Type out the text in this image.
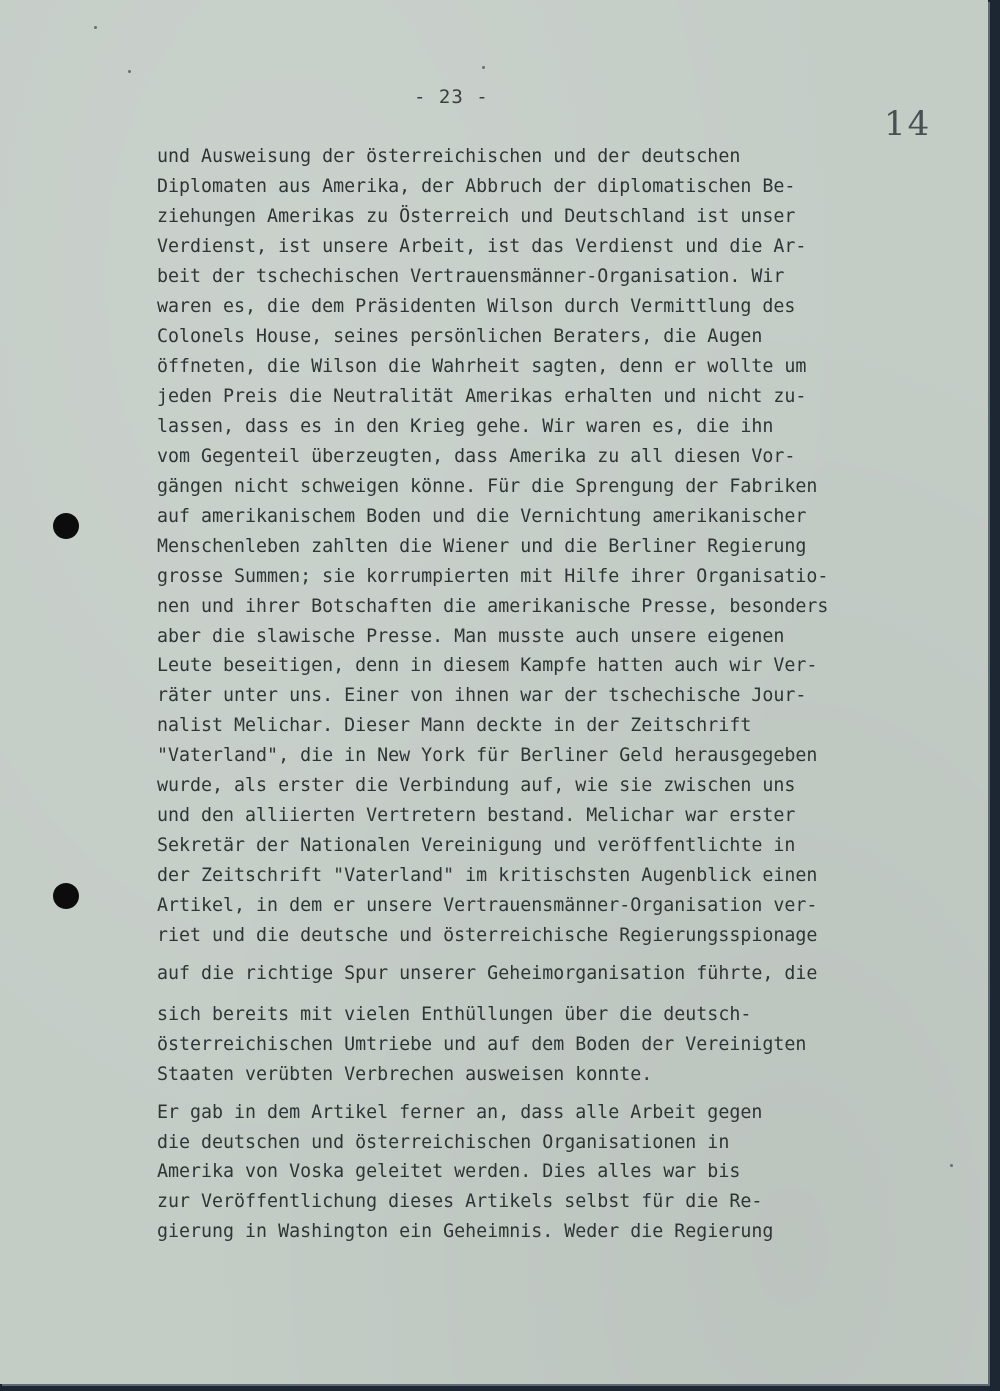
- 23 -
14
und Ausweisung der österreichischen und der deutschen
Diplomaten aus Amerika, der Abbruch der diplomatischen Be-
ziehungen Amerikas zu Österreich und Deutschland ist unser
Verdienst, ist unsere Arbeit, ist das Verdienst und die Ar-
beit der tschechischen Vertrauensmänner-Organisation. Wir
waren es, die dem Präsidenten Wilson durch Vermittlung des
Colonels House, seines persönlichen Beraters, die Augen
öffneten, die Wilson die Wahrheit sagten, denn er wollte um
jeden Preis die Neutralität Amerikas erhalten und nicht zu-
lassen, dass es in den Krieg gehe. Wir waren es, die ihn
vom Gegenteil überzeugten, dass Amerika zu all diesen Vor-
gängen nicht schweigen könne. Für die Sprengung der Fabriken
auf amerikanischem Boden und die Vernichtung amerikanischer
Menschenleben zahlten die Wiener und die Berliner Regierung
grosse Summen; sie korrumpierten mit Hilfe ihrer Organisatio-
nen und ihrer Botschaften die amerikanische Presse, besonders
aber die slawische Presse. Man musste auch unsere eigenen
Leute beseitigen, denn in diesem Kampfe hatten auch wir Ver-
räter unter uns. Einer von ihnen war der tschechische Jour-
nalist Melichar. Dieser Mann deckte in der Zeitschrift
"Vaterland", die in New York für Berliner Geld herausgegeben
wurde, als erster die Verbindung auf, wie sie zwischen uns
und den alliierten Vertretern bestand. Melichar war erster
Sekretär der Nationalen Vereinigung und veröffentlichte in
der Zeitschrift "Vaterland" im kritischsten Augenblick einen
Artikel, in dem er unsere Vertrauensmänner-Organisation ver-
riet und die deutsche und österreichische Regierungsspionage
auf die richtige Spur unserer Geheimorganisation führte, die
sich bereits mit vielen Enthüllungen über die deutsch-
österreichischen Umtriebe und auf dem Boden der Vereinigten
Staaten verübten Verbrechen ausweisen konnte.
Er gab in dem Artikel ferner an, dass alle Arbeit gegen
die deutschen und österreichischen Organisationen in
Amerika von Voska geleitet werden. Dies alles war bis
zur Veröffentlichung dieses Artikels selbst für die Re-
gierung in Washington ein Geheimnis. Weder die Regierung
